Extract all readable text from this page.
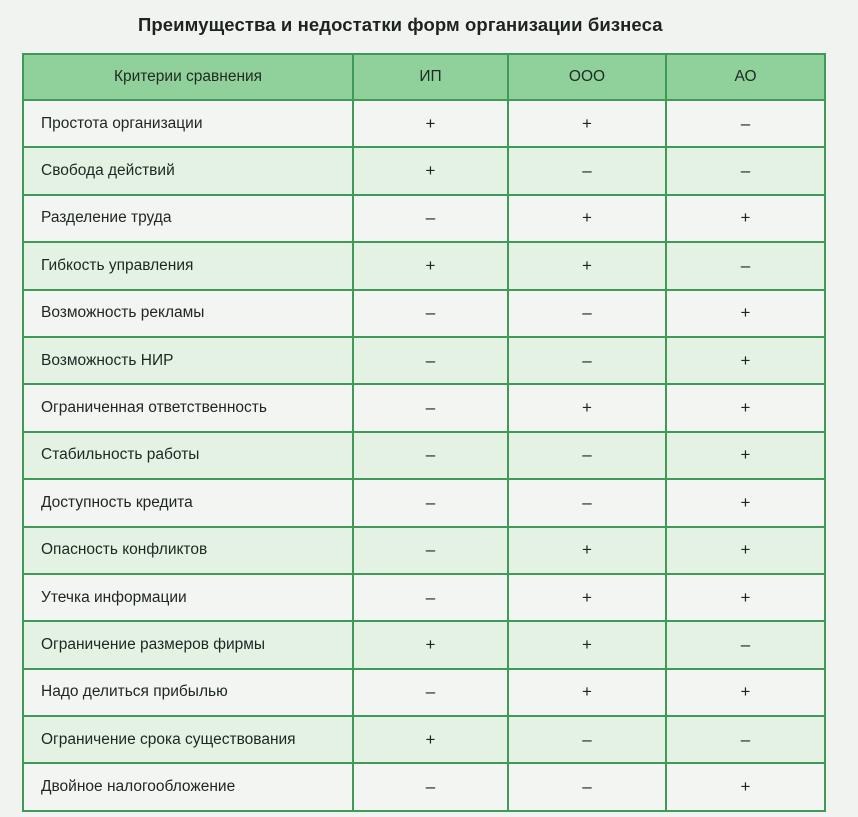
Преимущества и недостатки форм организации бизнеса
Критерии сравнения	ИП	ООО	АО
Простота организации	+	+	–
Свобода действий	+	–	–
Разделение труда	–	+	+
Гибкость управления	+	+	–
Возможность рекламы	–	–	+
Возможность НИР	–	–	+
Ограниченная ответственность	–	+	+
Стабильность работы	–	–	+
Доступность кредита	–	–	+
Опасность конфликтов	–	+	+
Утечка информации	–	+	+
Ограничение размеров фирмы	+	+	–
Надо делиться прибылью	–	+	+
Ограничение срока существования	+	–	–
Двойное налогообложение	–	–	+
